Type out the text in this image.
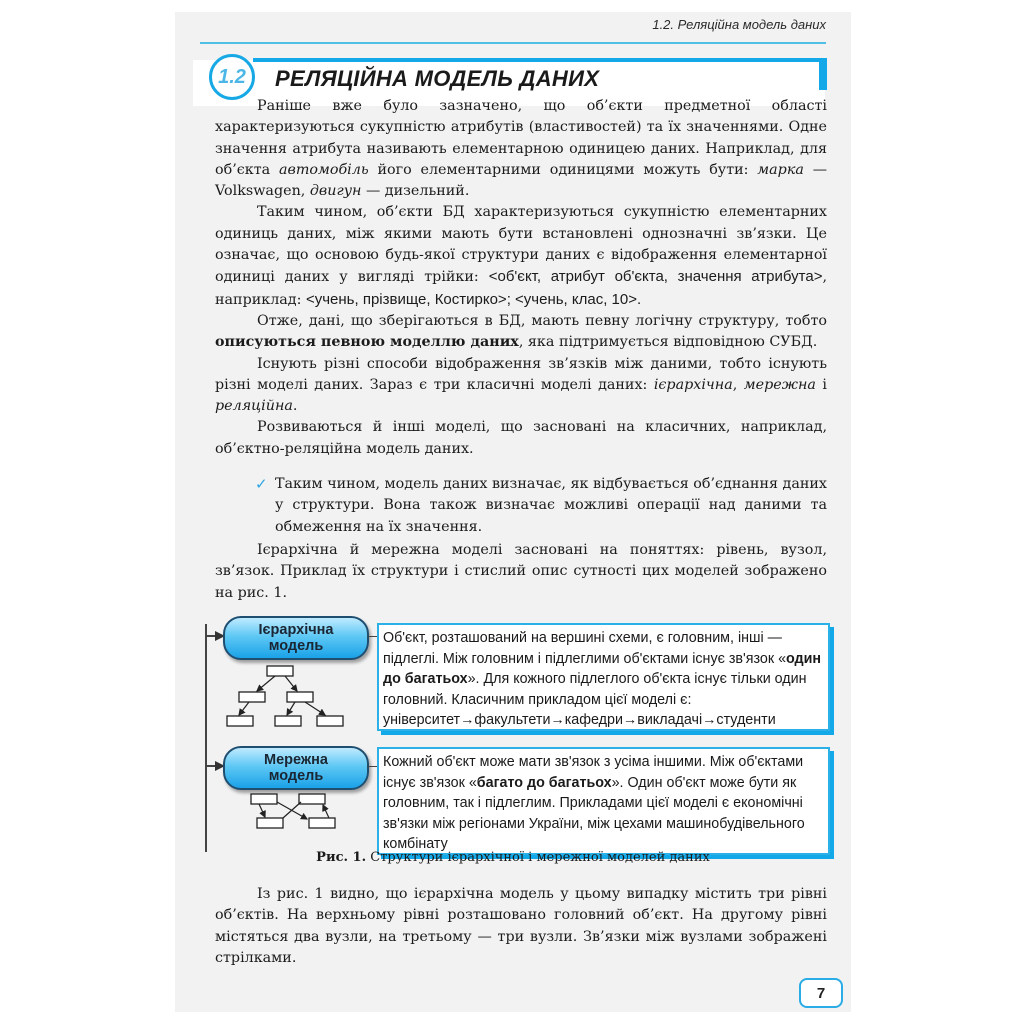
1.2. Реляційна модель даних
1.2	РЕЛЯЦІЙНА МОДЕЛЬ ДАНИХ

Раніше вже було зазначено, що об’єкти предметної області характеризуються сукупністю атрибутів (властивостей) та їх значеннями. Одне значення атрибута називають елементарною одиницею даних. Наприклад, для об’єкта автомобіль його елементарними одиницями можуть бути: марка — Volkswagen, двигун — дизельний.

Таким чином, об’єкти БД характеризуються сукупністю елементарних одиниць даних, між якими мають бути встановлені однозначні зв’язки. Це означає, що основою будь-якої структури даних є відображення елементарної одиниці даних у вигляді трійки: <об'єкт, атрибут об'єкта, значення атрибута>, наприклад: <учень, прізвище, Костирко>; <учень, клас, 10>.

Отже, дані, що зберігаються в БД, мають певну логічну структуру, тобто описуються певною моделлю даних, яка підтримується відповідною СУБД.

Існують різні способи відображення зв’язків між даними, тобто існують різні моделі даних. Зараз є три класичні моделі даних: ієрархічна, мережна і реляційна.

Розвиваються й інші моделі, що засновані на класичних, наприклад, об’єктно-реляційна модель даних.

✓ Таким чином, модель даних визначає, як відбувається об’єднання даних у структури. Вона також визначає можливі операції над даними та обмеження на їх значення.

Ієрархічна й мережна моделі засновані на поняттях: рівень, вузол, зв’язок. Приклад їх структури і стислий опис сутності цих моделей зображено на рис. 1.

Ієрархічна
модель	Об'єкт, розташований на вершині схеми, є головним, інші — підлеглі. Між головним і підлеглими об'єктами існує зв'язок «один до багатьох». Для кожного підлеглого об'єкта існує тільки один головний. Класичним прикладом цієї моделі є: університет→факультети→кафедри→викладачі→студенти
Мережна
модель
Кожний об'єкт може мати зв'язок з усіма іншими. Між об'єктами існує зв'язок «багато до багатьох». Один об'єкт може бути як головним, так і підлеглим. Прикладами цієї моделі є економічні зв'язки між регіонами України, між цехами машинобудівельного комбінату
Рис. 1. Структури ієрархічної і мережної моделей даних

Із рис. 1 видно, що ієрархічна модель у цьому випадку містить три рівні об’єктів. На верхньому рівні розташовано головний об’єкт. На другому рівні містяться два вузли, на третьому — три вузли. Зв’язки між вузлами зображені стрілками.

7
